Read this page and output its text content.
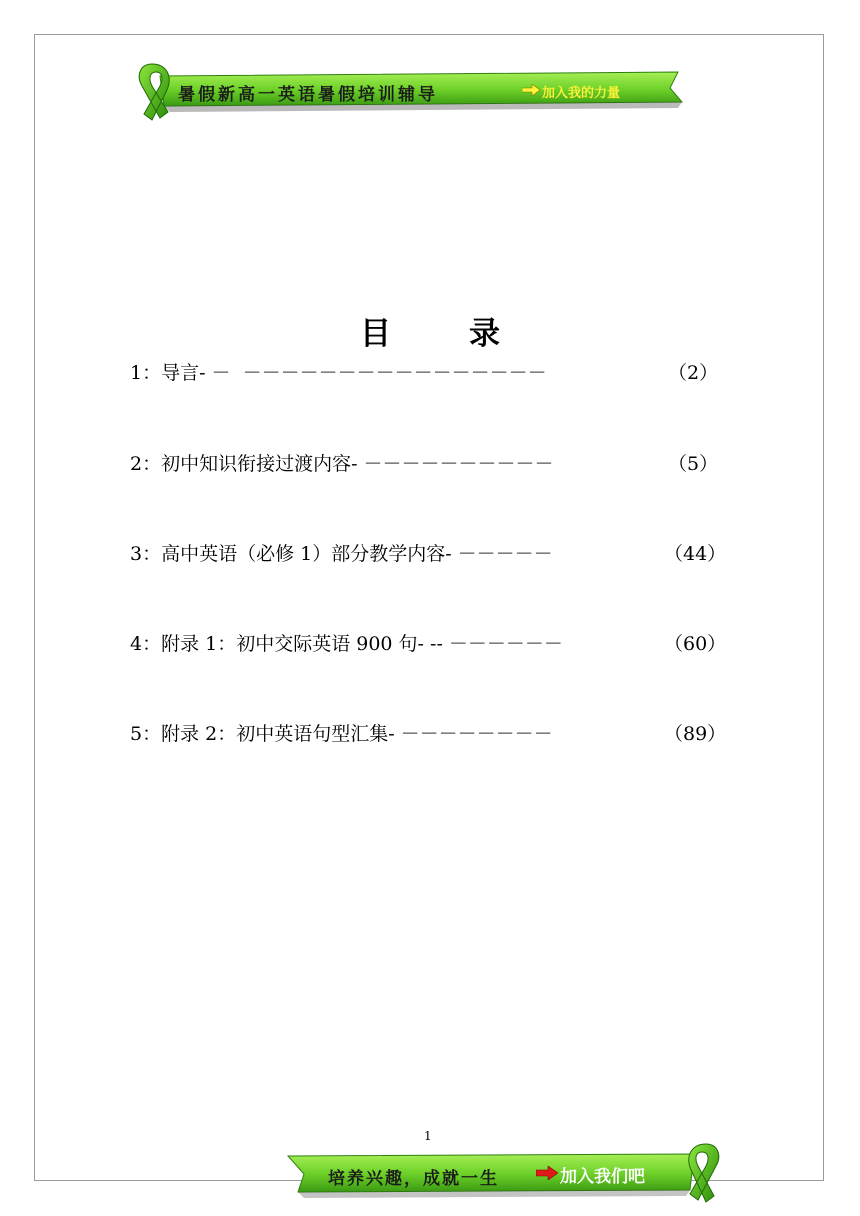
暑假新高一英语暑假培训辅导	加入我的力量
目	录
1：导言- －  －－－－－－－－－－－－－－－－	（2）
2：初中知识衔接过渡内容- －－－－－－－－－－	（5）
3：高中英语（必修 1）部分教学内容- －－－－－	（44）
4：附录 1：初中交际英语 900 句- -- －－－－－－	（60）
5：附录 2：初中英语句型汇集- －－－－－－－－	（89）
1
培养兴趣，成就一生	加入我们吧
